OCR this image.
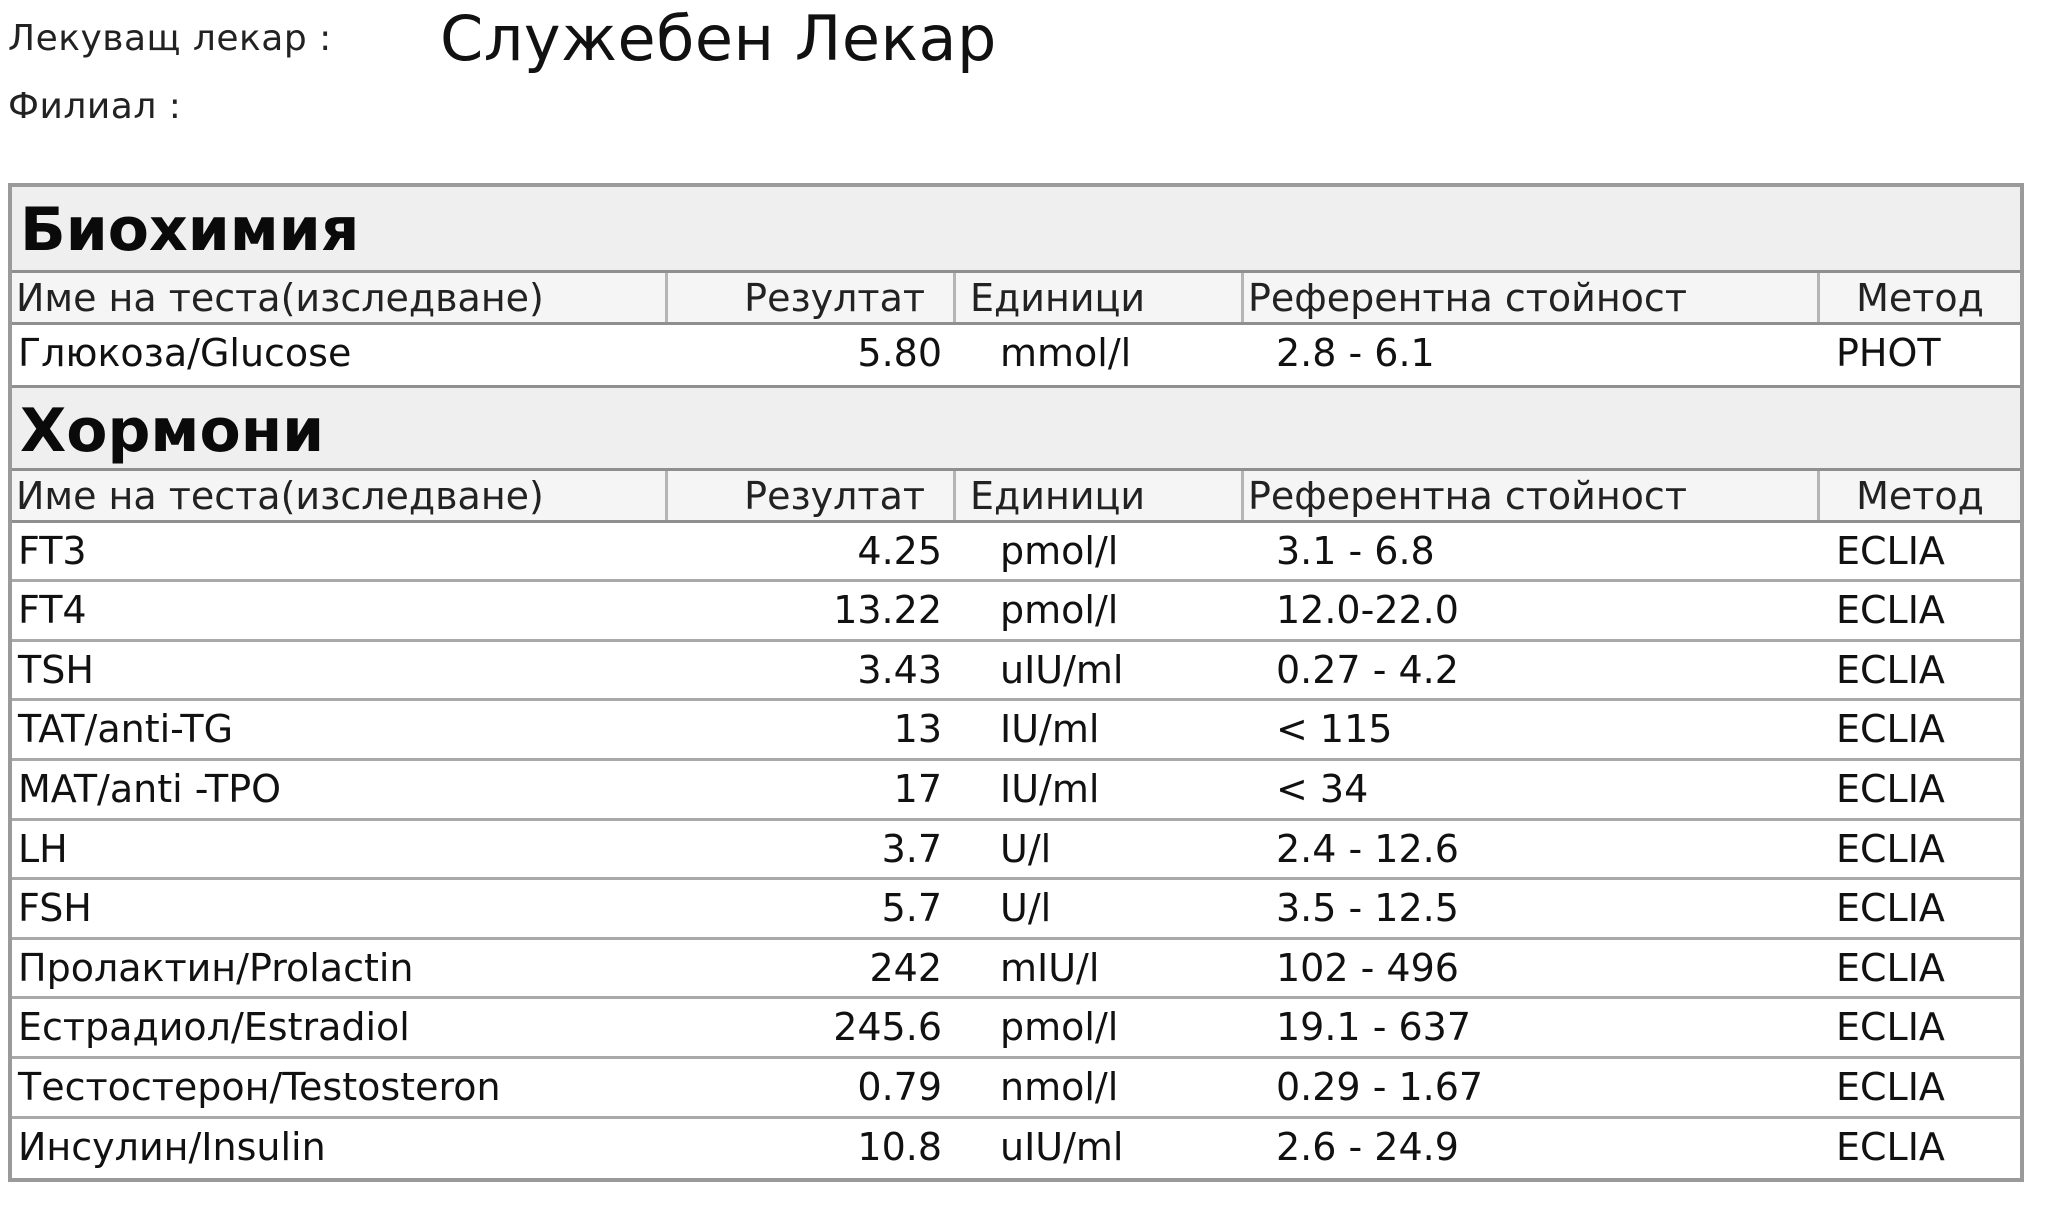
Лекуващ лекар : Служебен Лекар
Филиал :
Биохимия
Име на теста(изследване)	Резултат	Единици	Референтна стойност	Метод
Глюкоза/Glucose	5.80	mmol/l	2.8 - 6.1	PHOT
Хормони
Име на теста(изследване)	Резултат	Единици	Референтна стойност	Метод
FT3	4.25	pmol/l	3.1 - 6.8	ECLIA
FT4	13.22	pmol/l	12.0-22.0	ECLIA
TSH	3.43	uIU/ml	0.27 - 4.2	ECLIA
TAT/anti-TG	13	IU/ml	< 115	ECLIA
MAT/anti -TPO	17	IU/ml	< 34	ECLIA
LH	3.7	U/l	2.4 - 12.6	ECLIA
FSH	5.7	U/l	3.5 - 12.5	ECLIA
Пролактин/Prolactin	242	mIU/l	102 - 496	ECLIA
Естрадиол/Estradiol	245.6	pmol/l	19.1 - 637	ECLIA
Тестостерон/Testosteron	0.79	nmol/l	0.29 - 1.67	ECLIA
Инсулин/Insulin	10.8	uIU/ml	2.6 - 24.9	ECLIA
